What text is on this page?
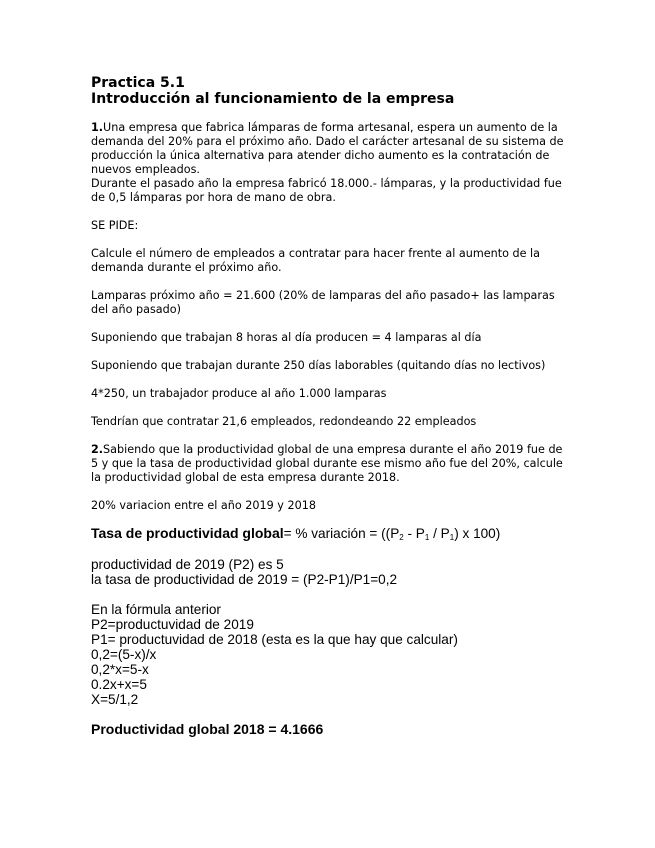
Practica 5.1

Introducción al funcionamiento de la empresa

1.Una empresa que fabrica lámparas de forma artesanal, espera un aumento de la demanda del 20% para el próximo año. Dado el carácter artesanal de su sistema de producción la única alternativa para atender dicho aumento es la contratación de nuevos empleados.

Durante el pasado año la empresa fabricó 18.000.- lámparas, y la productividad fue de 0,5 lámparas por hora de mano de obra.

SE PIDE:

Calcule el número de empleados a contratar para hacer frente al aumento de la demanda durante el próximo año.

Lamparas próximo año = 21.600 (20% de lamparas del año pasado+ las lamparas del año pasado)

Suponiendo que trabajan 8 horas al día producen = 4 lamparas al día

Suponiendo que trabajan durante 250 días laborables (quitando días no lectivos)

4*250, un trabajador produce al año 1.000 lamparas

Tendrían que contratar 21,6 empleados, redondeando 22 empleados

2.Sabiendo que la productividad global de una empresa durante el año 2019 fue de 5 y que la tasa de productividad global durante ese mismo año fue del 20%, calcule la productividad global de esta empresa durante 2018.

20% variacion entre el año 2019 y 2018

Tasa de productividad global= % variación = ($(P_2 - P_1 / P_1)$ x 100)

productividad de 2019 (P2) es 5

la tasa de productividad de 2019 = (P2-P1)/P1=0,2

En la fórmula anterior

P2=productuvidad de 2019

P1= productuvidad de 2018 (esta es la que hay que calcular)

0,2=(5-x)/x

0,2*x=5-x

0.2x+x=5

X=5/1,2

Productividad global 2018 = 4.1666
